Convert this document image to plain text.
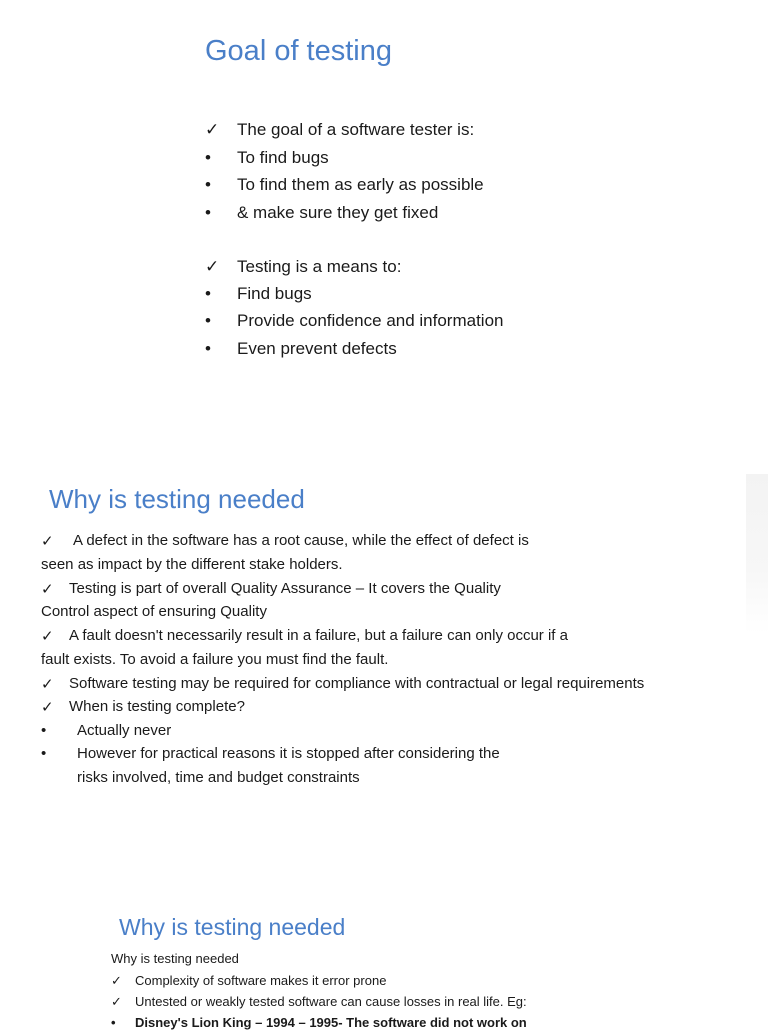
Goal of testing
✓ The goal of a software tester is:
• To find bugs
• To find them as early as possible
• & make sure they get fixed
✓ Testing is a means to:
• Find bugs
• Provide confidence and information
• Even prevent defects
Why is testing needed
✓ A defect in the software has a root cause, while the effect of defect is
seen as impact by the different stake holders.
✓ Testing is part of overall Quality Assurance – It covers the Quality
Control aspect of ensuring Quality
✓ A fault doesn't necessarily result in a failure, but a failure can only occur if a
fault exists. To avoid a failure you must find the fault.
✓ Software testing may be required for compliance with contractual or legal requirements
✓ When is testing complete?
• Actually never
• However for practical reasons it is stopped after considering the
risks involved, time and budget constraints
Why is testing needed
Why is testing needed
✓ Complexity of software makes it error prone
✓ Untested or weakly tested software can cause losses in real life. Eg:
• Disney's Lion King – 1994 – 1995- The software did not work on
